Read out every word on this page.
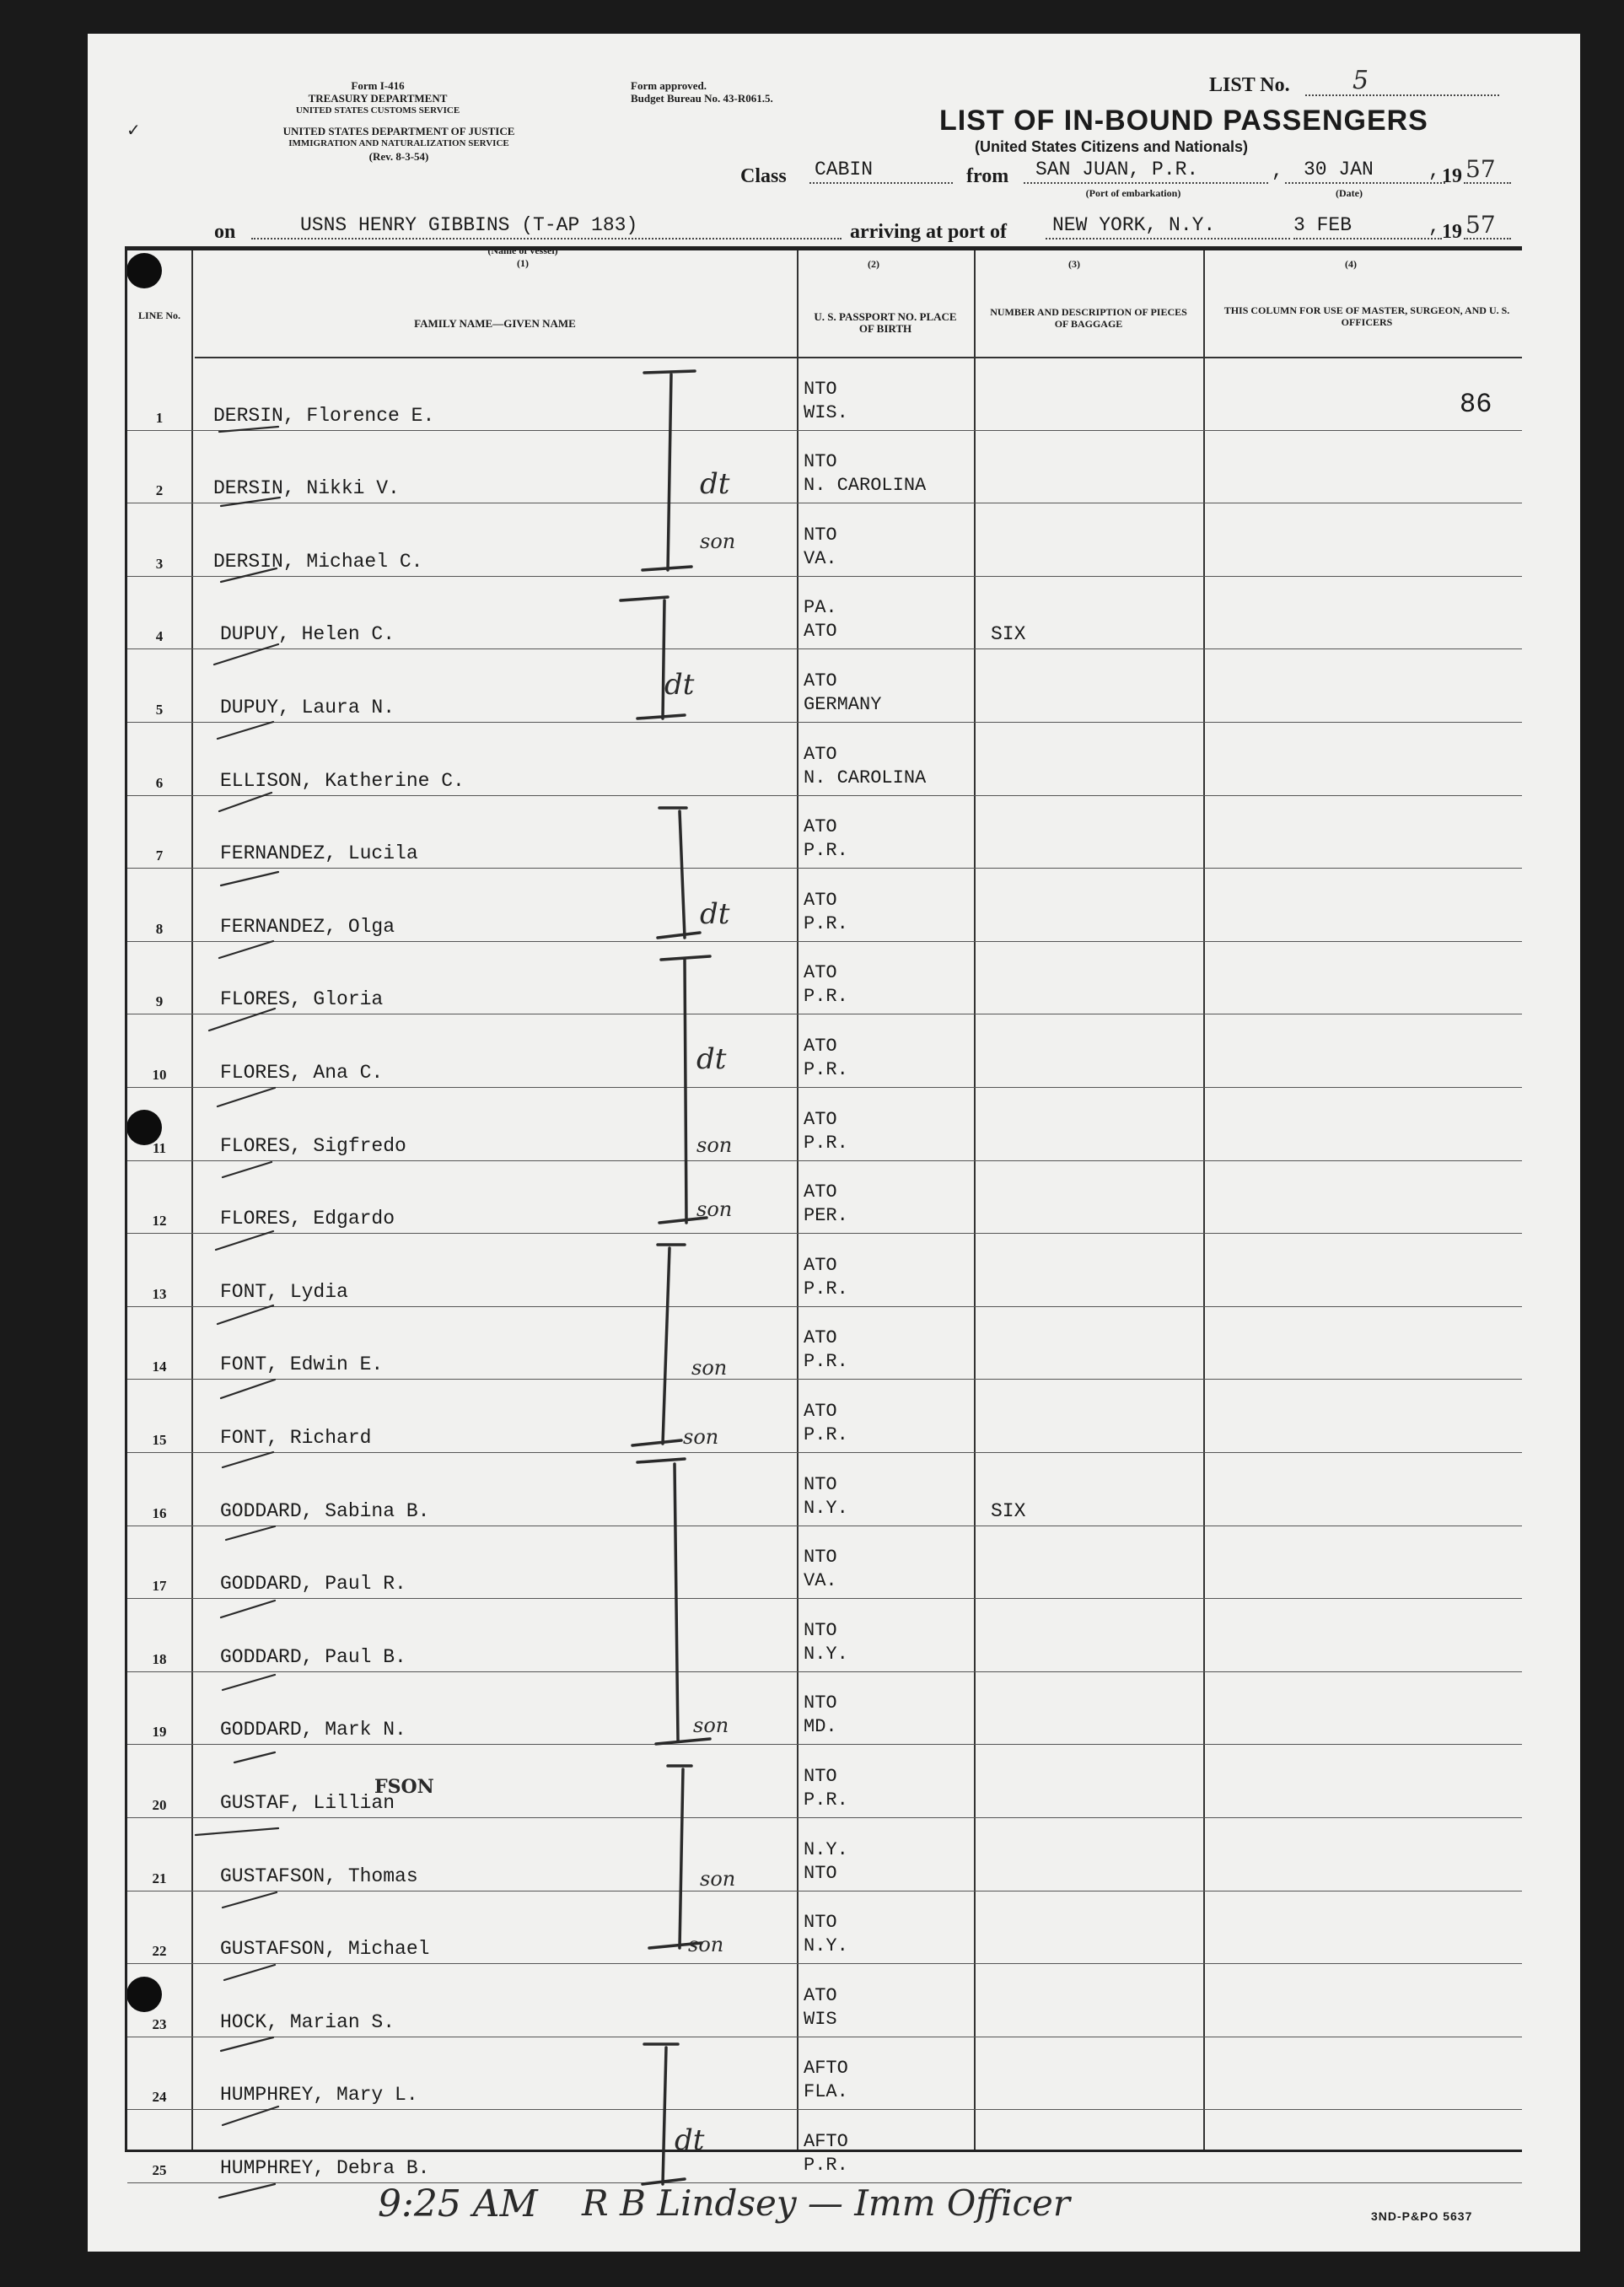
Form I-416
TREASURY DEPARTMENT
UNITED STATES CUSTOMS SERVICE
UNITED STATES DEPARTMENT OF JUSTICE
IMMIGRATION AND NATURALIZATION SERVICE
(Rev. 8-3-54)
Form approved.
Budget Bureau No. 43-R061.5.
✓
LIST No. 5
LIST OF IN-BOUND PASSENGERS
(United States Citizens and Nationals)
Class CABIN	from SAN JUAN, P.R.
(Port of embarkation)
, 30 JAN
(Date)
, 19 57
on	USNS HENRY GIBBINS (T-AP 183)
(Name of vessel)
(1)
arriving at port of NEW YORK, N.Y.	3 FEB	, 19 57
(2)	(3)	(4)
LINE No.
FAMILY NAME—GIVEN NAME
U. S. PASSPORT NO. PLACE OF BIRTH
NUMBER AND DESCRIPTION OF PIECES OF BAGGAGE
THIS COLUMN FOR USE OF MASTER, SURGEON, AND U. S. OFFICERS
86
1	DERSIN, Florence E.
NTO
WIS.
2	DERSIN, Nikki V.
NTO
N. CAROLINA
3	DERSIN, Michael C.
NTO
VA.
4	DUPUY, Helen C.
PA.
ATO	SIX
5	DUPUY, Laura N.
ATO
GERMANY
6	ELLISON, Katherine C.
ATO
N. CAROLINA
7	FERNANDEZ, Lucila
ATO
P.R.
8	FERNANDEZ, Olga
ATO
P.R.
9	FLORES, Gloria
ATO
P.R.
10	FLORES, Ana C.
ATO
P.R.
11	FLORES, Sigfredo
ATO
P.R.
12	FLORES, Edgardo
ATO
PER.
13	FONT, Lydia
ATO
P.R.
14	FONT, Edwin E.
ATO
P.R.
15	FONT, Richard
ATO
P.R.
16	GODDARD, Sabina B.
NTO
N.Y.	SIX
17	GODDARD, Paul R.
NTO
VA.
18	GODDARD, Paul B.
NTO
N.Y.
19	GODDARD, Mark N.
NTO
MD.
20	GUSTAF, Lillian
NTO
P.R.
21	GUSTAFSON, Thomas
N.Y.
NTO
22	GUSTAFSON, Michael
NTO
N.Y.
23	HOCK, Marian S.
ATO
WIS
24	HUMPHREY, Mary L.
AFTO
FLA.
25	HUMPHREY, Debra B.
AFTO
P.R.
FSON
dt
son
dt
dt
dt
son
son
son
son
son
son
son
dt
9:25 AM R B Lindsey — Imm Officer	3ND-P&PO 5637
